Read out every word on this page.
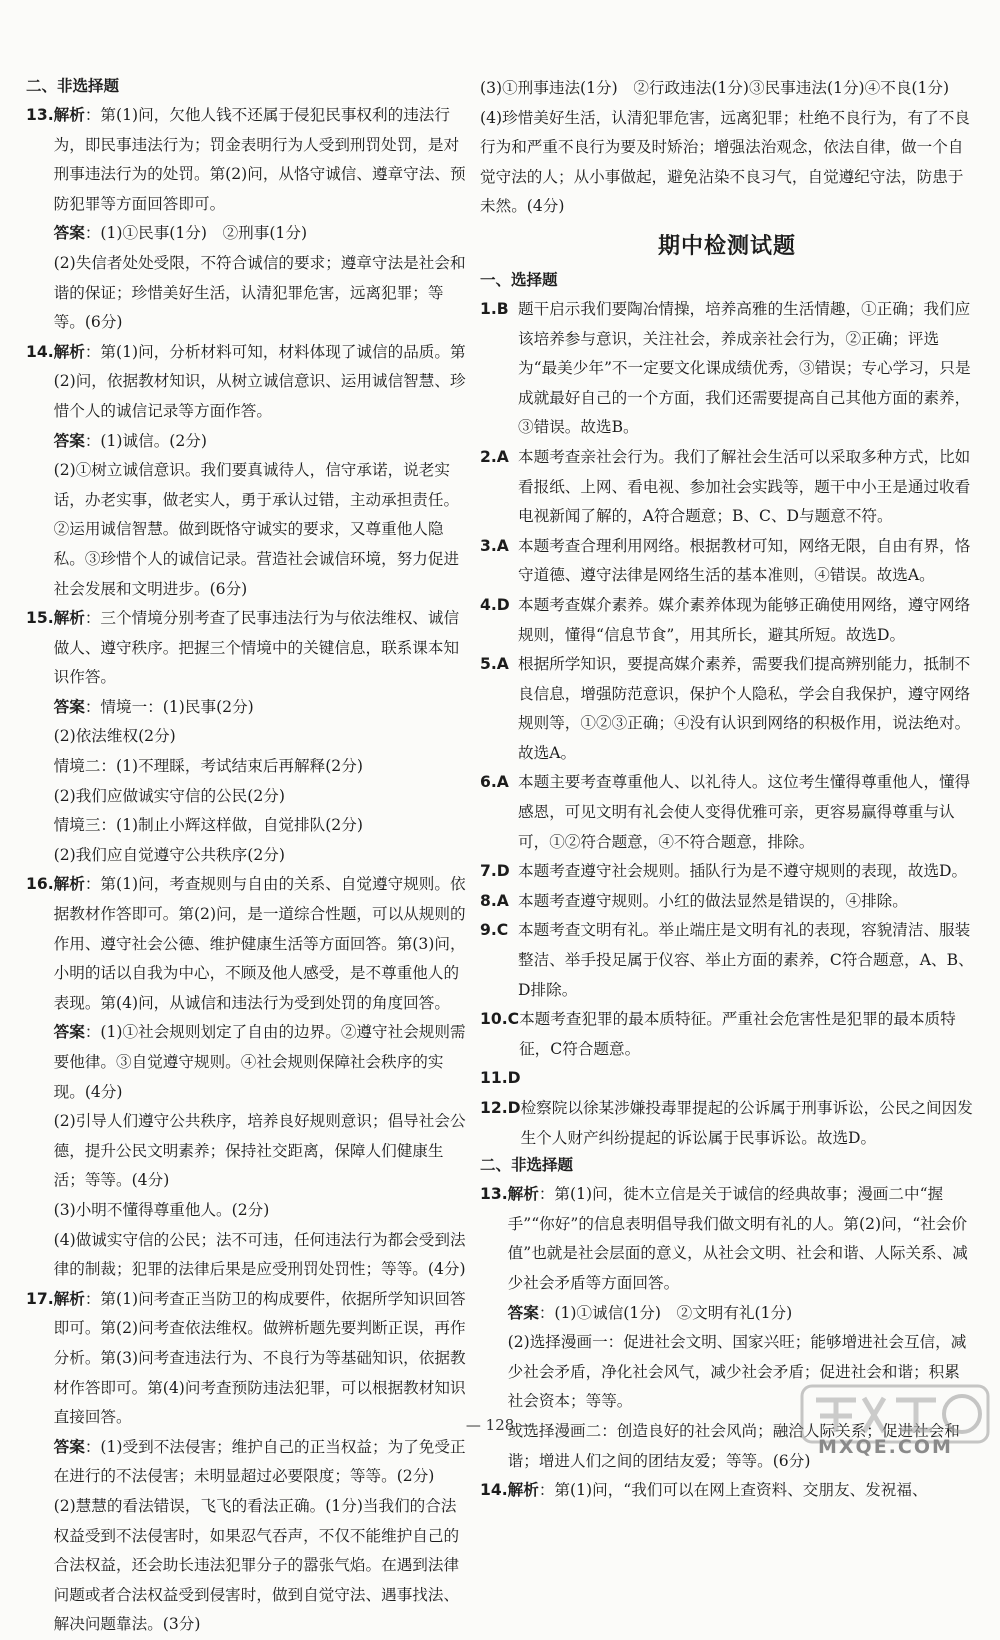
二、非选择题
13. 解析：第(1)问，欠他人钱不还属于侵犯民事权利的违法行为，即民事违法行为；罚金表明行为人受到刑罚处罚，是对刑事违法行为的处罚。第(2)问，从恪守诚信、遵章守法、预防犯罪等方面回答即可。
答案：(1)①民事(1分)　②刑事(1分)
(2)失信者处处受限，不符合诚信的要求；遵章守法是社会和谐的保证；珍惜美好生活，认清犯罪危害，远离犯罪；等等。(6分)
14. 解析：第(1)问，分析材料可知，材料体现了诚信的品质。第(2)问，依据教材知识，从树立诚信意识、运用诚信智慧、珍惜个人的诚信记录等方面作答。
答案：(1)诚信。(2分)
(2)①树立诚信意识。我们要真诚待人，信守承诺，说老实话，办老实事，做老实人，勇于承认过错，主动承担责任。②运用诚信智慧。做到既恪守诚实的要求，又尊重他人隐私。③珍惜个人的诚信记录。营造社会诚信环境，努力促进社会发展和文明进步。(6分)
15. 解析：三个情境分别考查了民事违法行为与依法维权、诚信做人、遵守秩序。把握三个情境中的关键信息，联系课本知识作答。
答案：情境一：(1)民事(2分)
(2)依法维权(2分)
情境二：(1)不理睬，考试结束后再解释(2分)
(2)我们应做诚实守信的公民(2分)
情境三：(1)制止小辉这样做，自觉排队(2分)
(2)我们应自觉遵守公共秩序(2分)
16. 解析：第(1)问，考查规则与自由的关系、自觉遵守规则。依据教材作答即可。第(2)问，是一道综合性题，可以从规则的作用、遵守社会公德、维护健康生活等方面回答。第(3)问，小明的话以自我为中心，不顾及他人感受，是不尊重他人的表现。第(4)问，从诚信和违法行为受到处罚的角度回答。
答案：(1)①社会规则划定了自由的边界。②遵守社会规则需要他律。③自觉遵守规则。④社会规则保障社会秩序的实现。(4分)
(2)引导人们遵守公共秩序，培养良好规则意识；倡导社会公德，提升公民文明素养；保持社交距离，保障人们健康生活；等等。(4分)
(3)小明不懂得尊重他人。(2分)
(4)做诚实守信的公民；法不可违，任何违法行为都会受到法律的制裁；犯罪的法律后果是应受刑罚处罚性；等等。(4分)
17. 解析：第(1)问考查正当防卫的构成要件，依据所学知识回答即可。第(2)问考查依法维权。做辨析题先要判断正误，再作分析。第(3)问考查违法行为、不良行为等基础知识，依据教材作答即可。第(4)问考查预防违法犯罪，可以根据教材知识直接回答。
答案：(1)受到不法侵害；维护自己的正当权益；为了免受正在进行的不法侵害；未明显超过必要限度；等等。(2分)
(2)慧慧的看法错误，飞飞的看法正确。(1分)当我们的合法权益受到不法侵害时，如果忍气吞声，不仅不能维护自己的合法权益，还会助长违法犯罪分子的嚣张气焰。在遇到法律问题或者合法权益受到侵害时，做到自觉守法、遇事找法、解决问题靠法。(3分)
(3)①刑事违法(1分)　②行政违法(1分)③民事违法(1分)④不良(1分)
(4)珍惜美好生活，认清犯罪危害，远离犯罪；杜绝不良行为，有了不良行为和严重不良行为要及时矫治；增强法治观念，依法自律，做一个自觉守法的人；从小事做起，避免沾染不良习气，自觉遵纪守法，防患于未然。(4分)
期中检测试题
一、选择题
1.B 题干启示我们要陶冶情操，培养高雅的生活情趣，①正确；我们应该培养参与意识，关注社会，养成亲社会行为，②正确；评选为“最美少年”不一定要文化课成绩优秀，③错误；专心学习，只是成就最好自己的一个方面，我们还需要提高自己其他方面的素养，③错误。故选B。
2.A 本题考查亲社会行为。我们了解社会生活可以采取多种方式，比如看报纸、上网、看电视、参加社会实践等，题干中小王是通过收看电视新闻了解的，A符合题意；B、C、D与题意不符。
3.A 本题考查合理利用网络。根据教材可知，网络无限，自由有界，恪守道德、遵守法律是网络生活的基本准则，④错误。故选A。
4.D 本题考查媒介素养。媒介素养体现为能够正确使用网络，遵守网络规则，懂得“信息节食”，用其所长，避其所短。故选D。
5.A 根据所学知识，要提高媒介素养，需要我们提高辨别能力，抵制不良信息，增强防范意识，保护个人隐私，学会自我保护，遵守网络规则等，①②③正确；④没有认识到网络的积极作用，说法绝对。故选A。
6.A 本题主要考查尊重他人、以礼待人。这位考生懂得尊重他人，懂得感恩，可见文明有礼会使人变得优雅可亲，更容易赢得尊重与认可，①②符合题意，④不符合题意，排除。
7.D 本题考查遵守社会规则。插队行为是不遵守规则的表现，故选D。
8.A 本题考查遵守规则。小红的做法显然是错误的，④排除。
9.C 本题考查文明有礼。举止端庄是文明有礼的表现，容貌清洁、服装整洁、举手投足属于仪容、举止方面的素养，C符合题意，A、B、D排除。
10.C 本题考查犯罪的最本质特征。严重社会危害性是犯罪的最本质特征，C符合题意。
11.D
12.D 检察院以徐某涉嫌投毒罪提起的公诉属于刑事诉讼，公民之间因发生个人财产纠纷提起的诉讼属于民事诉讼。故选D。
二、非选择题
13. 解析：第(1)问，徙木立信是关于诚信的经典故事；漫画二中“握手”“你好”的信息表明倡导我们做文明有礼的人。第(2)问，“社会价值”也就是社会层面的意义，从社会文明、社会和谐、人际关系、减少社会矛盾等方面回答。
答案：(1)①诚信(1分)　②文明有礼(1分)
(2)选择漫画一：促进社会文明、国家兴旺；能够增进社会互信，减少社会矛盾，净化社会风气，减少社会矛盾；促进社会和谐；积累社会资本；等等。
或选择漫画二：创造良好的社会风尚；融洽人际关系；促进社会和谐；增进人们之间的团结友爱；等等。(6分)
14. 解析：第(1)问，“我们可以在网上查资料、交朋友、发祝福、
— 128 —
MXQE.COM
